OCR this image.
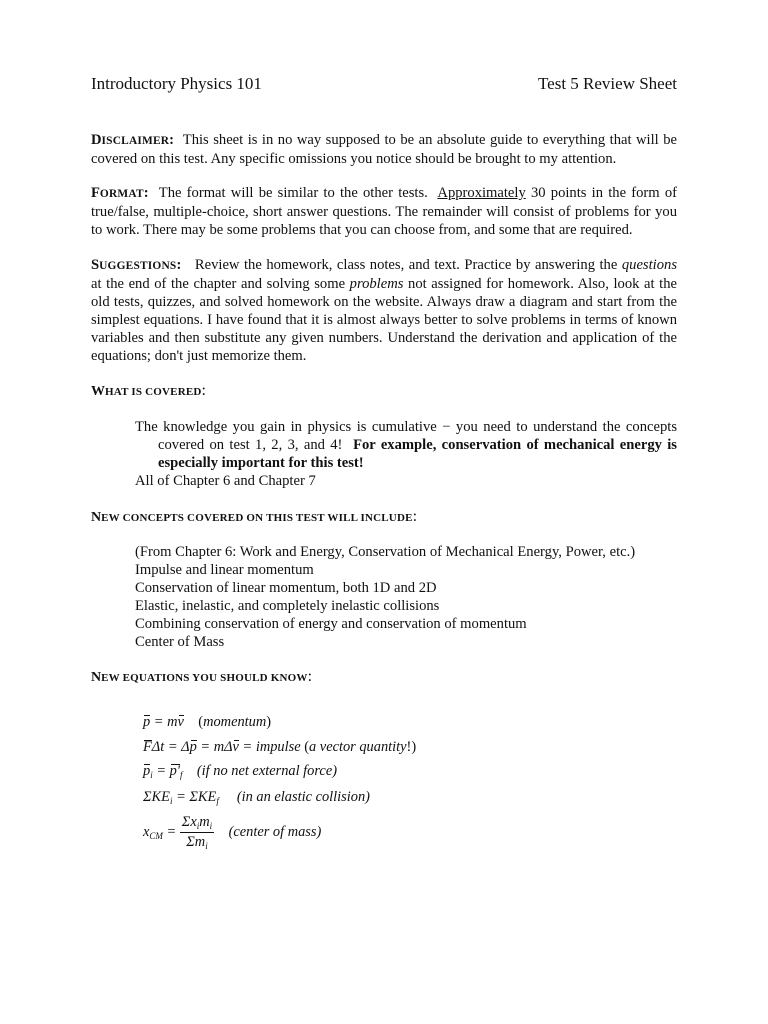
Introductory Physics 101	Test 5 Review Sheet

DISCLAIMER: This sheet is in no way supposed to be an absolute guide to everything that will be covered on this test. Any specific omissions you notice should be brought to my attention.

FORMAT: The format will be similar to the other tests. Approximately 30 points in the form of true/false, multiple-choice, short answer questions. The remainder will consist of problems for you to work. There may be some problems that you can choose from, and some that are required.

SUGGESTIONS: Review the homework, class notes, and text. Practice by answering the questions at the end of the chapter and solving some problems not assigned for homework. Also, look at the old tests, quizzes, and solved homework on the website. Always draw a diagram and start from the simplest equations. I have found that it is almost always better to solve problems in terms of known variables and then substitute any given numbers. Understand the derivation and application of the equations; don't just memorize them.

WHAT IS COVERED:

The knowledge you gain in physics is cumulative − you need to understand the concepts covered on test 1, 2, 3, and 4! For example, conservation of mechanical energy is especially important for this test!

All of Chapter 6 and Chapter 7

NEW CONCEPTS COVERED ON THIS TEST WILL INCLUDE:
(From Chapter 6: Work and Energy, Conservation of Mechanical Energy, Power, etc.)
Impulse and linear momentum
Conservation of linear momentum, both 1D and 2D
Elastic, inelastic, and completely inelastic collisions
Combining conservation of energy and conservation of momentum
Center of Mass
NEW EQUATIONS YOU SHOULD KNOW:
p = mv (momentum)
FΔt = Δp = mΔv = impulse (a vector quantity!)
$p_i = p'_f$ (if no net external force)
$\Sigma KE_i = \Sigma KE_f$ (in an elastic collision)
$x_{CM} = \frac{\Sigma x_im_i}{\Sigma m_i}$ (center of mass)
